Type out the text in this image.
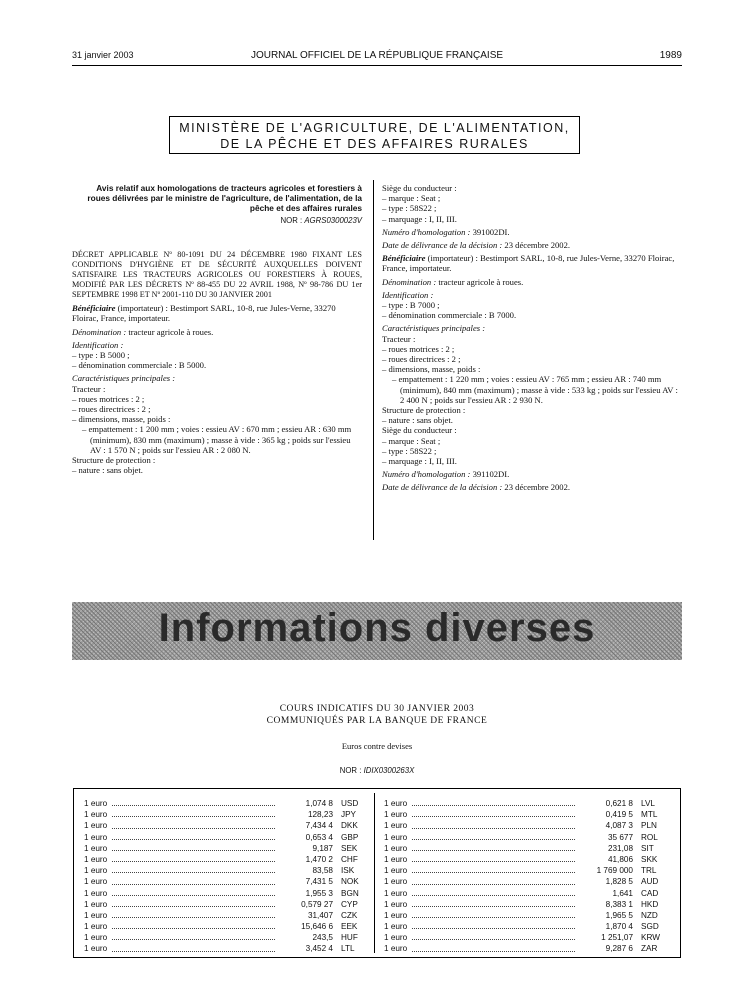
31 janvier 2003	JOURNAL OFFICIEL DE LA RÉPUBLIQUE FRANÇAISE	1989
MINISTÈRE DE L'AGRICULTURE, DE L'ALIMENTATION,
DE LA PÊCHE ET DES AFFAIRES RURALES

Avis relatif aux homologations de tracteurs agricoles et forestiers à roues délivrées par le ministre de l'agriculture, de l'alimentation, de la pêche et des affaires rurales

NOR : AGRS0300023V

DÉCRET APPLICABLE Nº 80-1091 DU 24 DÉCEMBRE 1980 FIXANT LES CONDITIONS D'HYGIÈNE ET DE SÉCURITÉ AUXQUELLES DOIVENT SATISFAIRE LES TRACTEURS AGRICOLES OU FORESTIERS À ROUES, MODIFIÉ PAR LES DÉCRETS Nº 88-455 DU 22 AVRIL 1988, Nº 98-786 DU 1er SEPTEMBRE 1998 ET Nº 2001-110 DU 30 JANVIER 2001

Bénéficiaire (importateur) : Bestimport SARL, 10-8, rue Jules-Verne, 33270 Floirac, France, importateur.

Dénomination : tracteur agricole à roues.

Identification :

– type : B 5000 ;

– dénomination commerciale : B 5000.

Caractéristiques principales :

Tracteur :

– roues motrices : 2 ;

– roues directrices : 2 ;

– dimensions, masse, poids :

– empattement : 1 200 mm ; voies : essieu AV : 670 mm ; essieu AR : 630 mm (minimum), 830 mm (maximum) ; masse à vide : 365 kg ; poids sur l'essieu AV : 1 570 N ; poids sur l'essieu AR : 2 080 N.

Structure de protection :

– nature : sans objet.

Siège du conducteur :

– marque : Seat ;

– type : 58S22 ;

– marquage : I, II, III.

Numéro d'homologation : 391002DI.

Date de délivrance de la décision : 23 décembre 2002.

Bénéficiaire (importateur) : Bestimport SARL, 10-8, rue Jules-Verne, 33270 Floirac, France, importateur.

Dénomination : tracteur agricole à roues.

Identification :

– type : B 7000 ;

– dénomination commerciale : B 7000.

Caractéristiques principales :

Tracteur :

– roues motrices : 2 ;

– roues directrices : 2 ;

– dimensions, masse, poids :

– empattement : 1 220 mm ; voies : essieu AV : 765 mm ; essieu AR : 740 mm (minimum), 840 mm (maximum) ; masse à vide : 533 kg ; poids sur l'essieu AV : 2 400 N ; poids sur l'essieu AR : 2 930 N.

Structure de protection :

– nature : sans objet.

Siège du conducteur :

– marque : Seat ;

– type : 58S22 ;

– marquage : I, II, III.

Numéro d'homologation : 391102DI.

Date de délivrance de la décision : 23 décembre 2002.

Informations diverses
COURS INDICATIFS DU 30 JANVIER 2003
COMMUNIQUÉS PAR LA BANQUE DE FRANCE
Euros contre devises
NOR : IDIX0300263X
1 euro	1,074 8 USD
1 euro	128,23 JPY
1 euro	7,434 4 DKK
1 euro	0,653 4 GBP
1 euro	9,187 SEK
1 euro	1,470 2 CHF
1 euro	83,58 ISK
1 euro	7,431 5 NOK
1 euro	1,955 3 BGN
1 euro	0,579 27 CYP
1 euro	31,407 CZK
1 euro	15,646 6 EEK
1 euro	243,5 HUF
1 euro	3,452 4 LTL
1 euro	0,621 8 LVL
1 euro	0,419 5 MTL
1 euro	4,087 3 PLN
1 euro	35 677 ROL
1 euro	231,08 SIT
1 euro	41,806 SKK
1 euro	1 769 000 TRL
1 euro	1,828 5 AUD
1 euro	1,641 CAD
1 euro	8,383 1 HKD
1 euro	1,965 5 NZD
1 euro	1,870 4 SGD
1 euro	1 251,07 KRW
1 euro	9,287 6 ZAR
